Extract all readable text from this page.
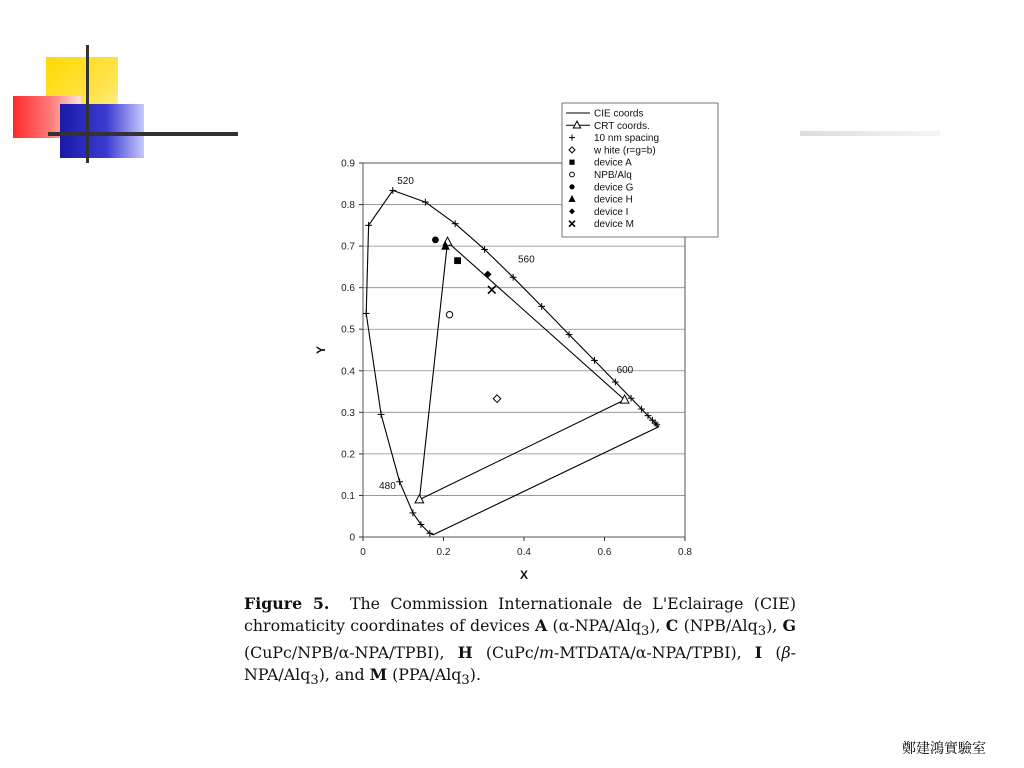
0
0.1
0.2
0.3
0.4
0.5
0.6
0.7
0.8
0.9
0	0.2	0.4	0.6	0.8
X
Y
520
560
600
480
CIE coords
CRT coords.
10 nm spacing
w hite (r=g=b)
device A
NPB/Alq
device G
device H
device I
device M
Figure 5. The Commission Internationale de L'Eclairage (CIE) chromaticity coordinates of devices A (α-NPA/Alq$_3$), C (NPB/Alq$_3$), G (CuPc/NPB/α-NPA/TPBI), H (CuPc/m-MTDATA/α-NPA/TPBI), I (β-NPA/Alq$_3$), and M (PPA/Alq$_3$).
鄭建鴻實驗室
